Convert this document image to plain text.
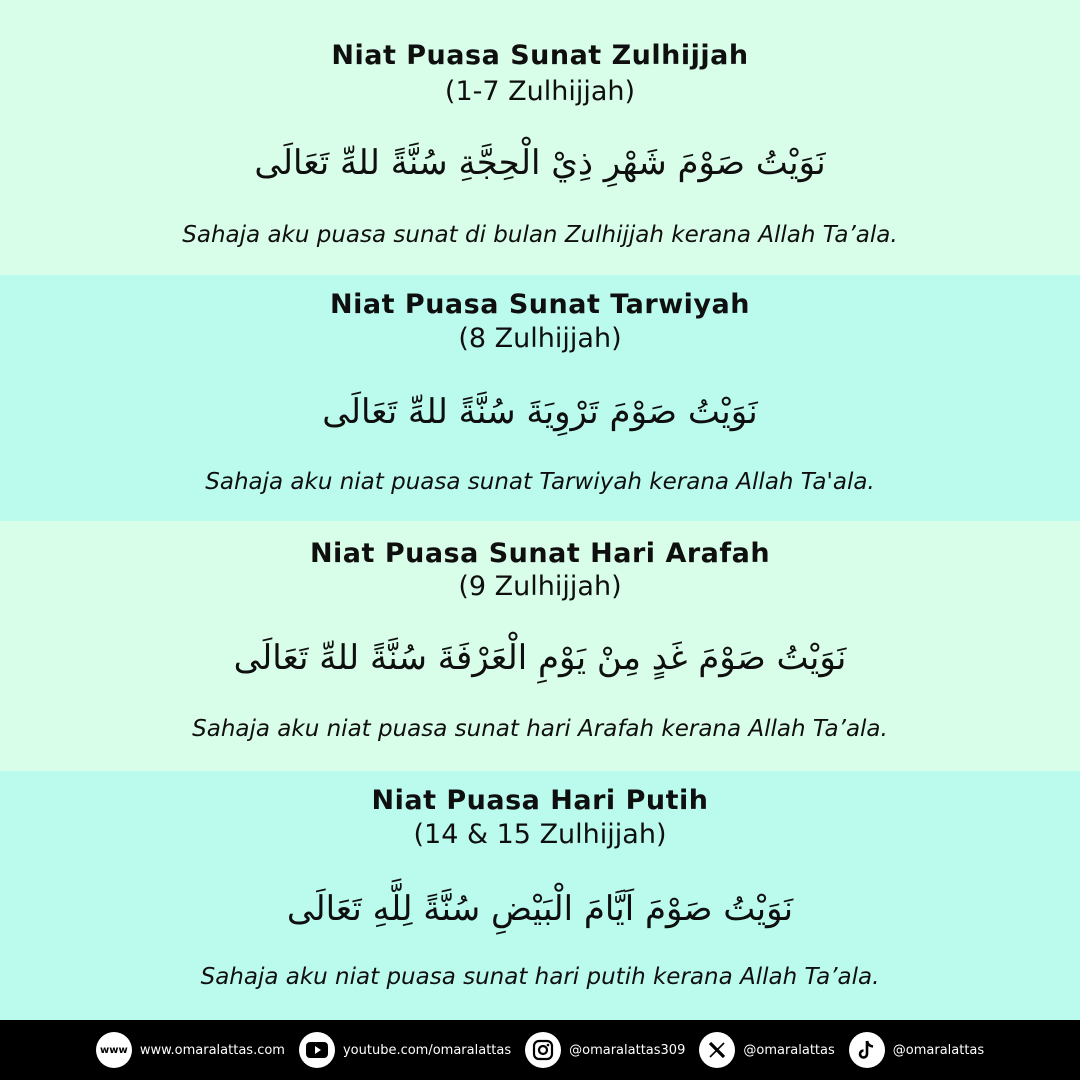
Niat Puasa Sunat Zulhijjah
(1-7 Zulhijjah)
نَوَيْتُ صَوْمَ شَهْرِ ذِيْ الْحِجَّةِ سُنَّةً للهِّ تَعَالَى
Sahaja aku puasa sunat di bulan Zulhijjah kerana Allah Ta’ala.
Niat Puasa Sunat Tarwiyah
(8 Zulhijjah)
نَوَيْتُ صَوْمَ تَرْوِيَةَ سُنَّةً للهِّ تَعَالَى
Sahaja aku niat puasa sunat Tarwiyah kerana Allah Ta'ala.
Niat Puasa Sunat Hari Arafah
(9 Zulhijjah)
نَوَيْتُ صَوْمَ غَدٍ مِنْ يَوْمِ الْعَرْفَةَ سُنَّةً للهِّ تَعَالَى
Sahaja aku niat puasa sunat hari Arafah kerana Allah Ta’ala.
Niat Puasa Hari Putih
(14 & 15 Zulhijjah)
نَوَيْتُ صَوْمَ اَيَّامَ الْبَيْضِ سُنَّةً لِلَّهِ تَعَالَى
Sahaja aku niat puasa sunat hari putih kerana Allah Ta’ala.
www www.omaralattas.com	youtube.com/omaralattas	@omaralattas309	@omaralattas	@omaralattas
